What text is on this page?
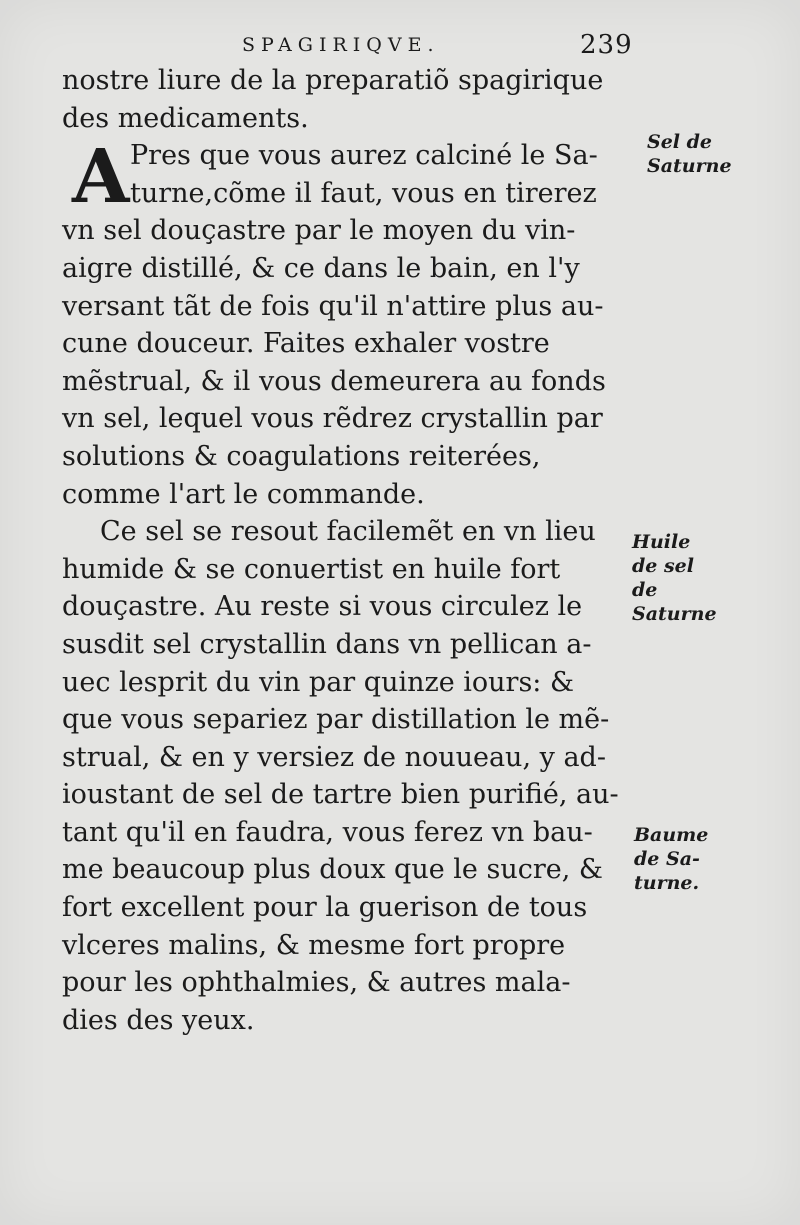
SPAGIRIQVE.	239
nostre liure de la preparatiõ spagirique
des medicaments.
A Pres que vous aurez calciné le Sa-
turne,cõme il faut, vous en tirerez
vn sel douçastre par le moyen du vin-
aigre distillé, & ce dans le bain, en l'y
versant tãt de fois qu'il n'attire plus au-
cune douceur. Faites exhaler vostre
mẽstrual, & il vous demeurera au fonds
vn sel, lequel vous rẽdrez crystallin par
solutions & coagulations reiterées,
comme l'art le commande.
Ce sel se resout facilemẽt en vn lieu
humide & se conuertist en huile fort
douçastre. Au reste si vous circulez le
susdit sel crystallin dans vn pellican a-
uec lesprit du vin par quinze iours: &
que vous separiez par distillation le mẽ-
strual, & en y versiez de nouueau, y ad-
ioustant de sel de tartre bien purifié, au-
tant qu'il en faudra, vous ferez vn bau-
me beaucoup plus doux que le sucre, &
fort excellent pour la guerison de tous
vlceres malins, & mesme fort propre
pour les ophthalmies, & autres mala-
dies des yeux.
Sel de
Saturne
Huile
de sel de
Saturne
Baume
de Sa-
turne.
